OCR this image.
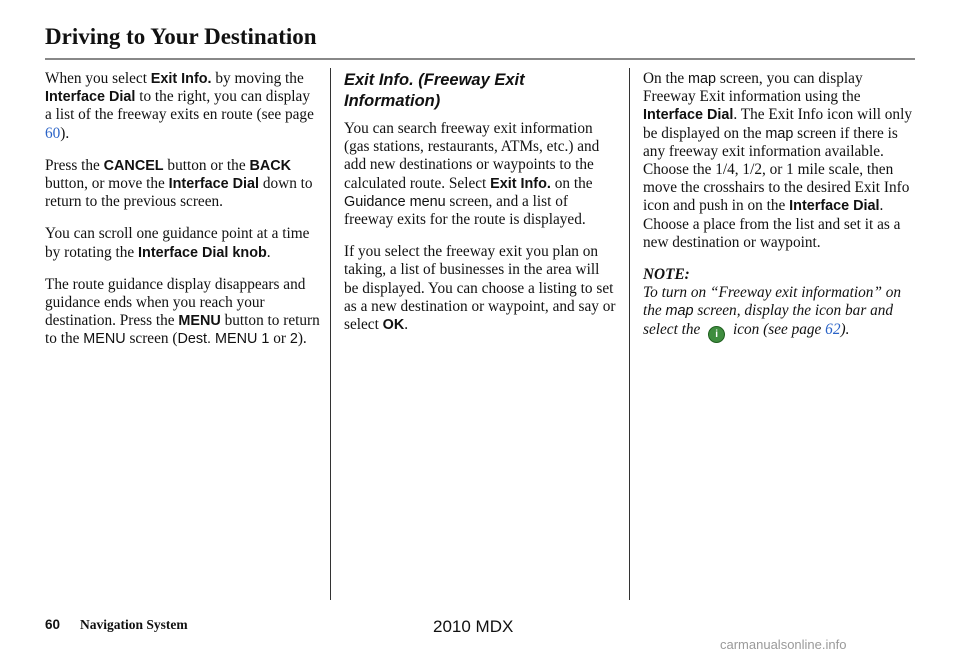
Driving to Your Destination

When you select Exit Info. by moving the Interface Dial to the right, you can display a list of the freeway exits en route (see page 60).

Press the CANCEL button or the BACK button, or move the Interface Dial down to return to the previous screen.

You can scroll one guidance point at a time by rotating the Interface Dial knob.

The route guidance display disappears and guidance ends when you reach your destination. Press the MENU button to return to the MENU screen (Dest. MENU 1 or 2).

Exit Info. (Freeway Exit Information)

You can search freeway exit information (gas stations, restaurants, ATMs, etc.) and add new destinations or waypoints to the calculated route. Select Exit Info. on the Guidance menu screen, and a list of freeway exits for the route is displayed.

If you select the freeway exit you plan on taking, a list of businesses in the area will be displayed. You can choose a listing to set as a new destination or waypoint, and say or select OK.

On the map screen, you can display Freeway Exit information using the Interface Dial. The Exit Info icon will only be displayed on the map screen if there is any freeway exit information available. Choose the 1/4, 1/2, or 1 mile scale, then move the crosshairs to the desired Exit Info icon and push in on the Interface Dial. Choose a place from the list and set it as a new destination or waypoint.

NOTE:

To turn on “Freeway exit information” on the map screen, display the icon bar and select the i icon (see page 62).

60 Navigation System	2010 MDX
carmanualsonline.info
